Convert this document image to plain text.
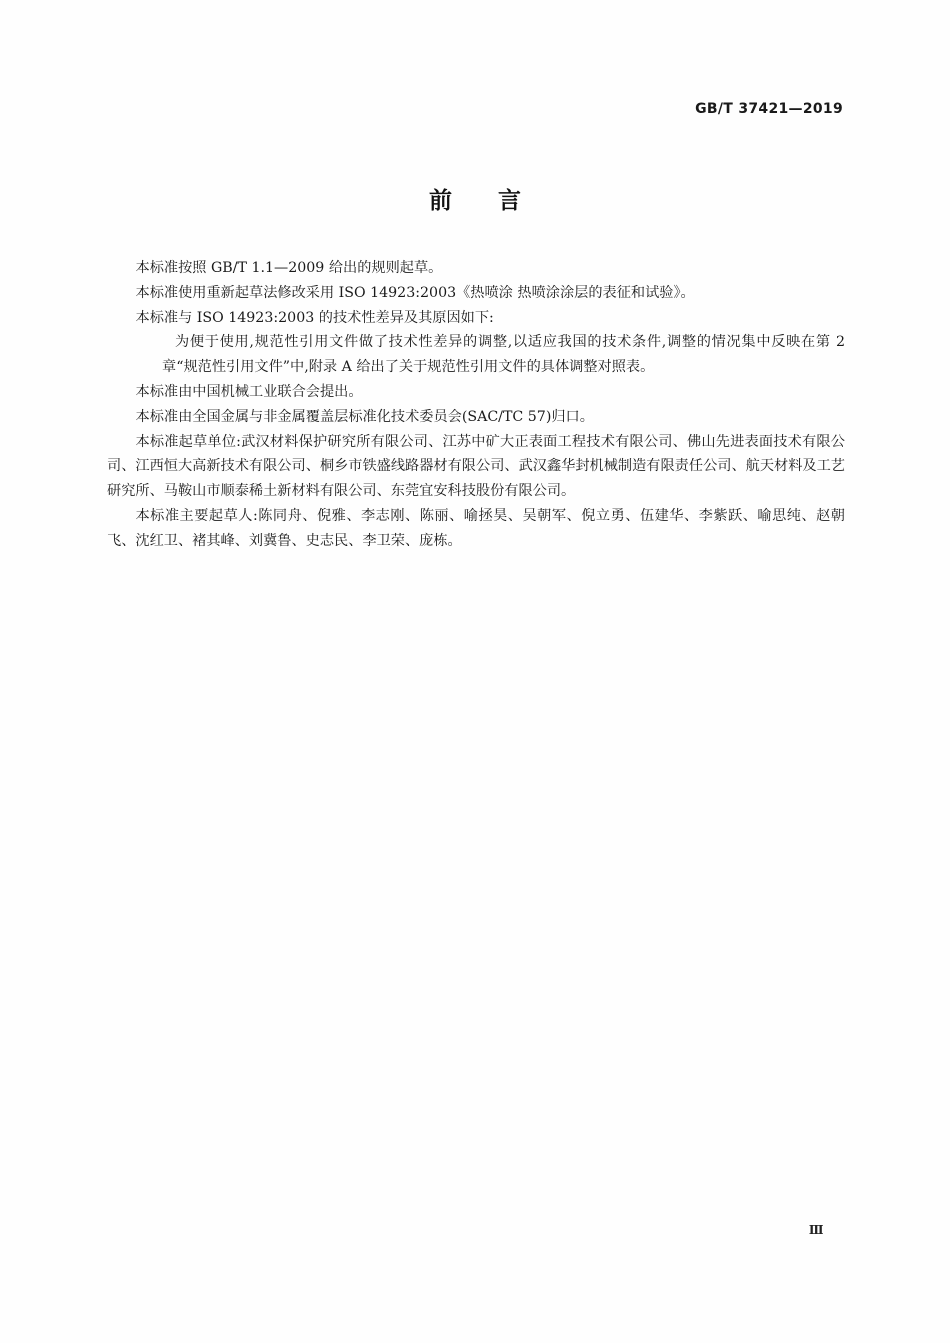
GB/T 37421—2019
前言

本标准按照 GB/T 1.1—2009 给出的规则起草。

本标准使用重新起草法修改采用 ISO 14923:2003《热喷涂 热喷涂涂层的表征和试验》。

本标准与 ISO 14923:2003 的技术性差异及其原因如下:

为便于使用,规范性引用文件做了技术性差异的调整,以适应我国的技术条件,调整的情况集中反映在第 2 章“规范性引用文件”中,附录 A 给出了关于规范性引用文件的具体调整对照表。

本标准由中国机械工业联合会提出。

本标准由全国金属与非金属覆盖层标准化技术委员会(SAC/TC 57)归口。

本标准起草单位:武汉材料保护研究所有限公司、江苏中矿大正表面工程技术有限公司、佛山先进表面技术有限公司、江西恒大高新技术有限公司、桐乡市铁盛线路器材有限公司、武汉鑫华封机械制造有限责任公司、航天材料及工艺研究所、马鞍山市顺泰稀土新材料有限公司、东莞宜安科技股份有限公司。

本标准主要起草人:陈同舟、倪雅、李志刚、陈丽、喻拯昊、吴朝军、倪立勇、伍建华、李紫跃、喻思纯、赵朝飞、沈红卫、褚其峰、刘冀鲁、史志民、李卫荣、庞栋。

Ⅲ
